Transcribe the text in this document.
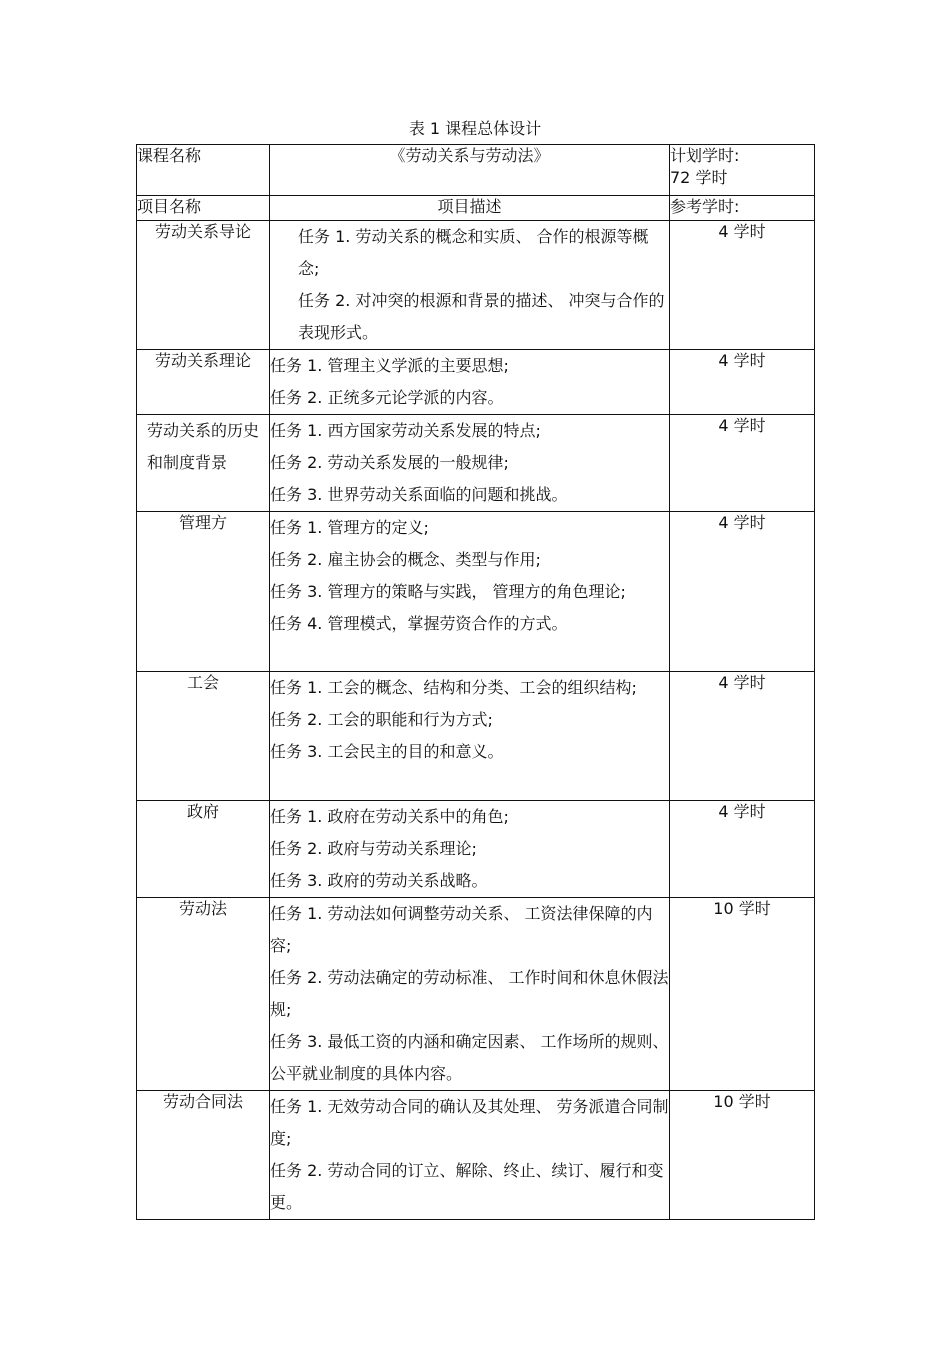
表 1 课程总体设计
课程名称	《劳动关系与劳动法》	计划学时:
72 学时

项目名称	项目描述	参考学时:
劳动关系导论	任务 1. 劳动关系的概念和实质、 合作的根源等概念;
任务 2. 对冲突的根源和背景的描述、 冲突与合作的表现形式。	4 学时
劳动关系理论	任务 1. 管理主义学派的主要思想;
任务 2. 正统多元论学派的内容。	4 学时
劳动关系的历史和制度背景	任务 1. 西方国家劳动关系发展的特点;
任务 2. 劳动关系发展的一般规律;
任务 3. 世界劳动关系面临的问题和挑战。	4 学时
管理方	任务 1. 管理方的定义;
任务 2. 雇主协会的概念、类型与作用;
任务 3. 管理方的策略与实践， 管理方的角色理论;
任务 4. 管理模式，掌握劳资合作的方式。	4 学时
工会	任务 1. 工会的概念、结构和分类、工会的组织结构;
任务 2. 工会的职能和行为方式;
任务 3. 工会民主的目的和意义。	4 学时
政府	任务 1. 政府在劳动关系中的角色;
任务 2. 政府与劳动关系理论;
任务 3. 政府的劳动关系战略。	4 学时
劳动法	任务 1. 劳动法如何调整劳动关系、 工资法律保障的内容;
任务 2. 劳动法确定的劳动标准、 工作时间和休息休假法规;
任务 3. 最低工资的内涵和确定因素、 工作场所的规则、公平就业制度的具体内容。	10 学时
劳动合同法	任务 1. 无效劳动合同的确认及其处理、 劳务派遣合同制度;
任务 2. 劳动合同的订立、解除、终止、续订、履行和变更。	10 学时
